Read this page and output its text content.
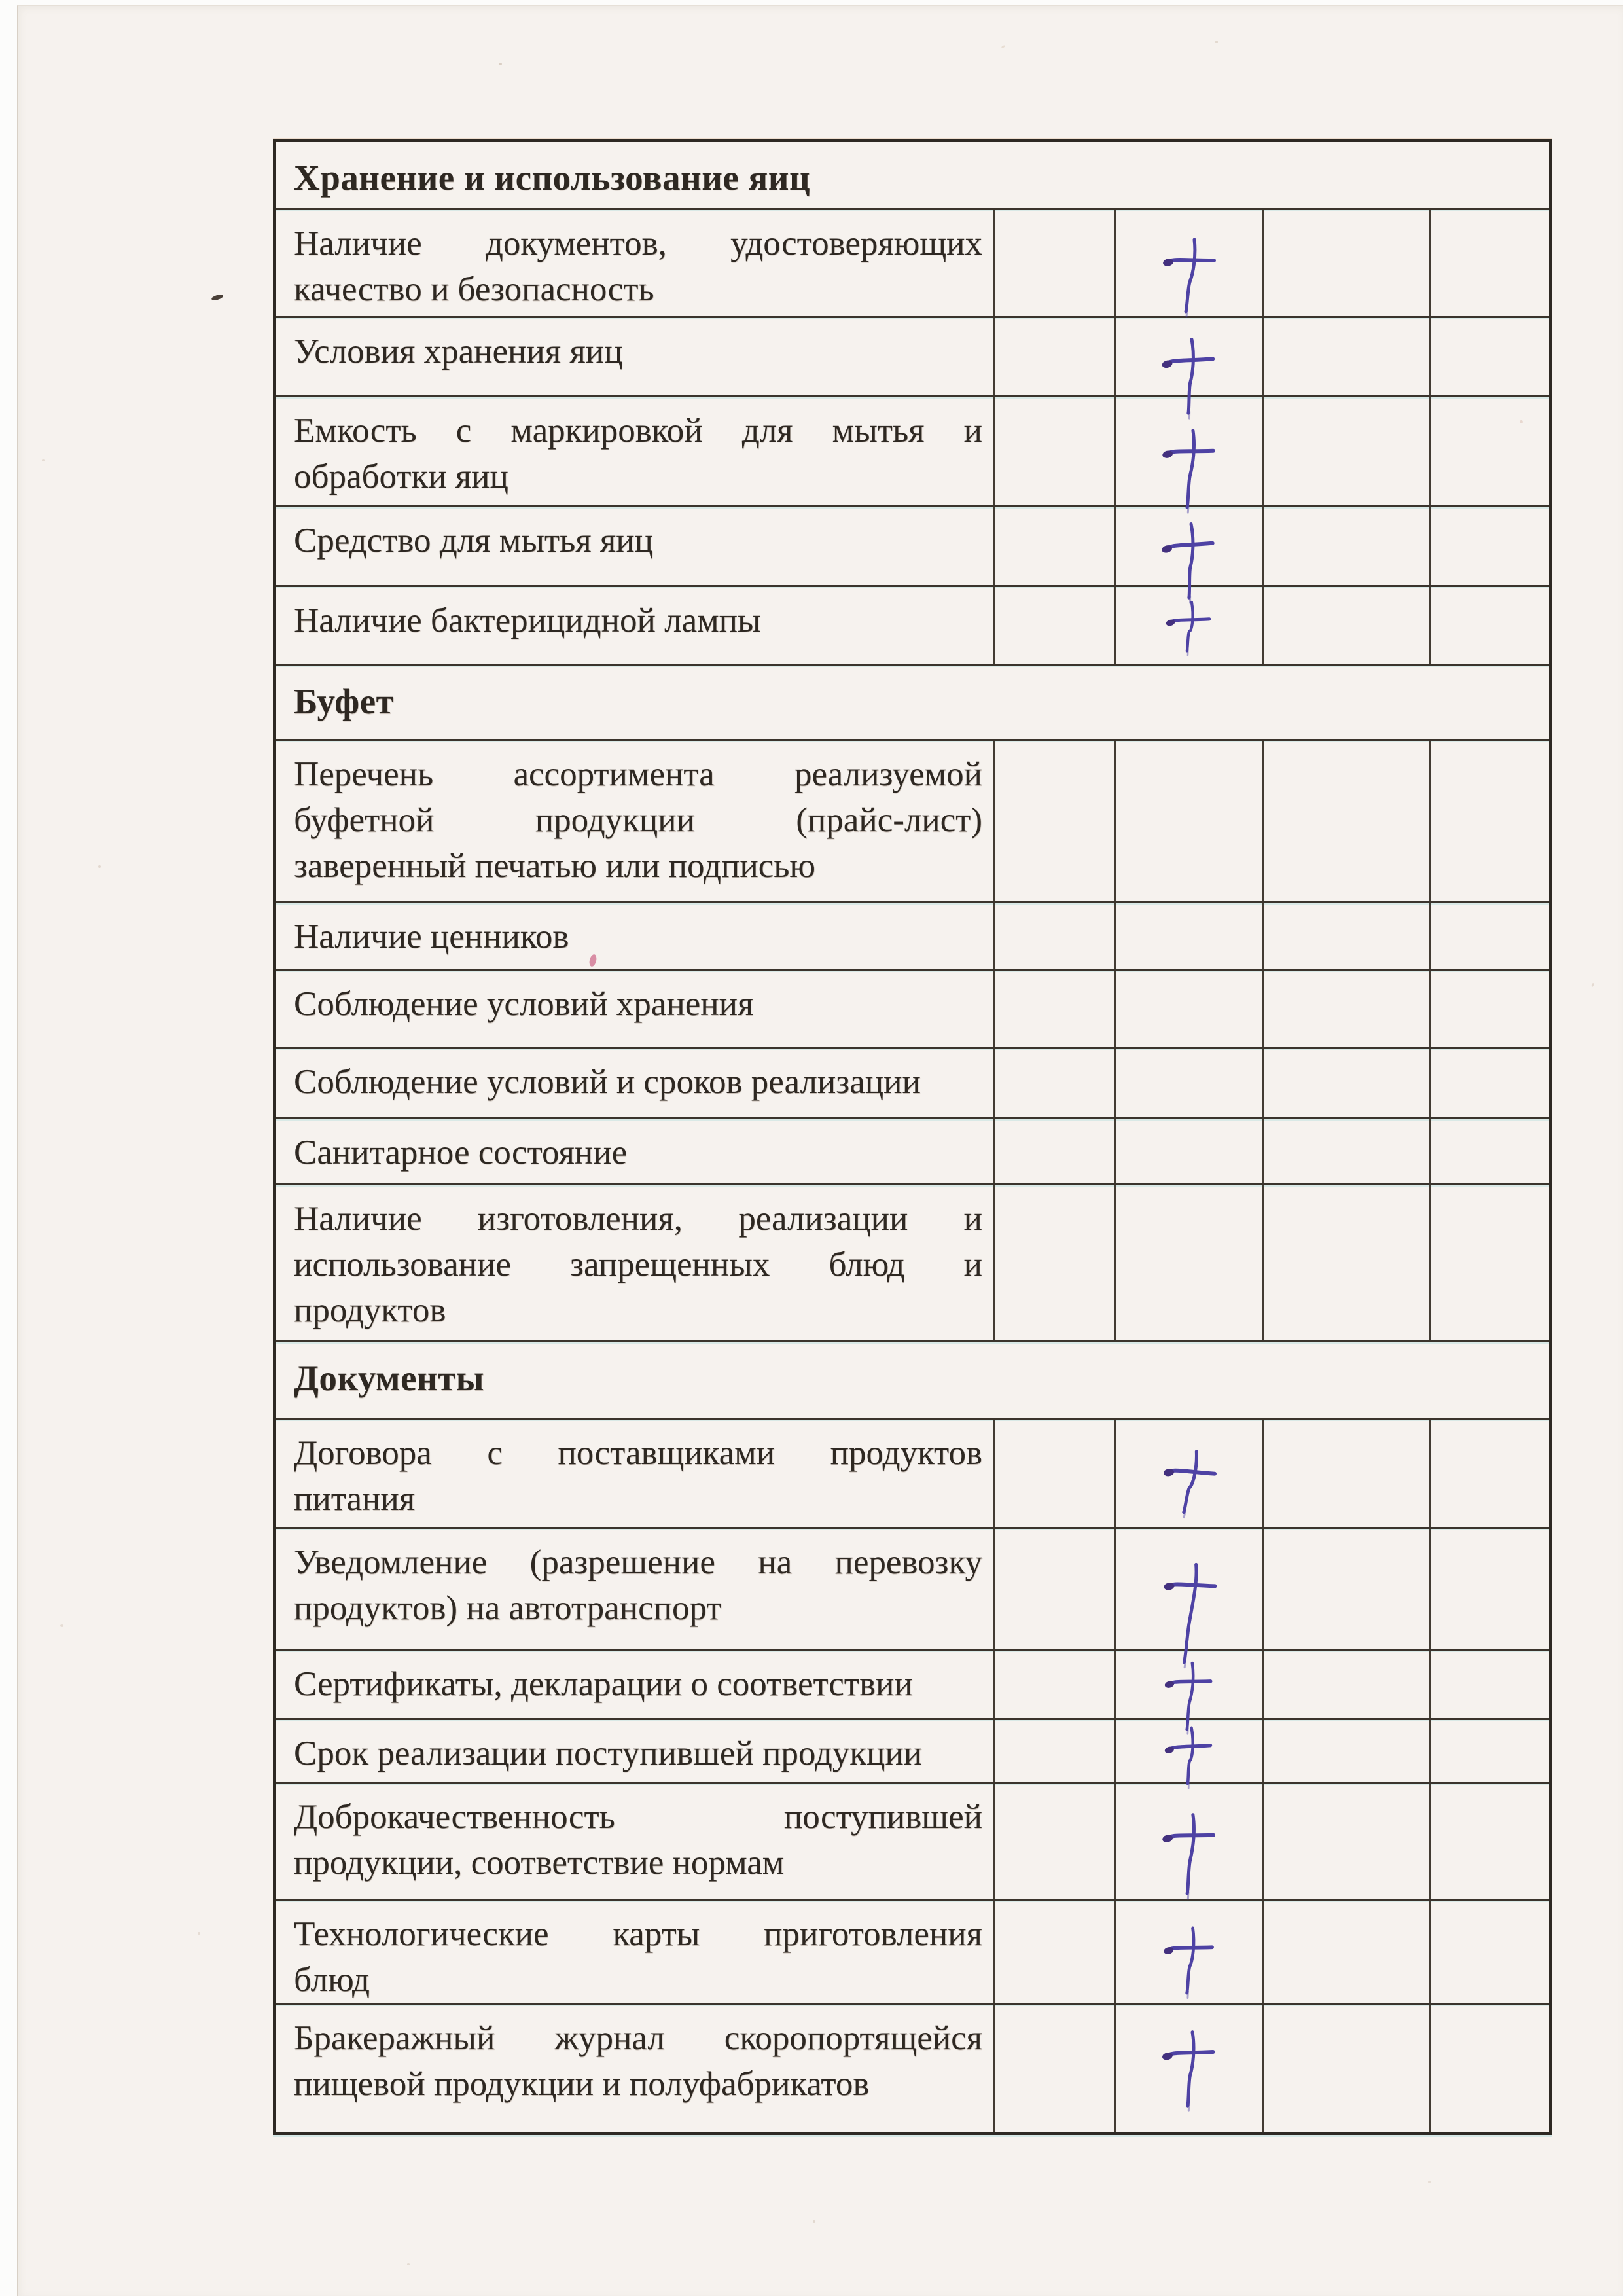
Хранение и использование яиц
Наличие документов, удостоверяющих
качество и безопасность
Условия хранения яиц
Емкость с маркировкой для мытья и
обработки яиц
Средство для мытья яиц
Наличие бактерицидной лампы
Буфет
Перечень ассортимента реализуемой
буфетной продукции (прайс-лист)
заверенный печатью или подписью
Наличие ценников
Соблюдение условий хранения
Соблюдение условий и сроков реализации
Санитарное состояние
Наличие изготовления, реализации и
использование запрещенных блюд и
продуктов
Документы
Договора с поставщиками продуктов
питания
Уведомление (разрешение на перевозку
продуктов) на автотранспорт
Сертификаты, декларации о соответствии
Срок реализации поступившей продукции
Доброкачественность поступившей
продукции, соответствие нормам
Технологические карты приготовления
блюд
Бракеражный журнал скоропортящейся
пищевой продукции и полуфабрикатов
